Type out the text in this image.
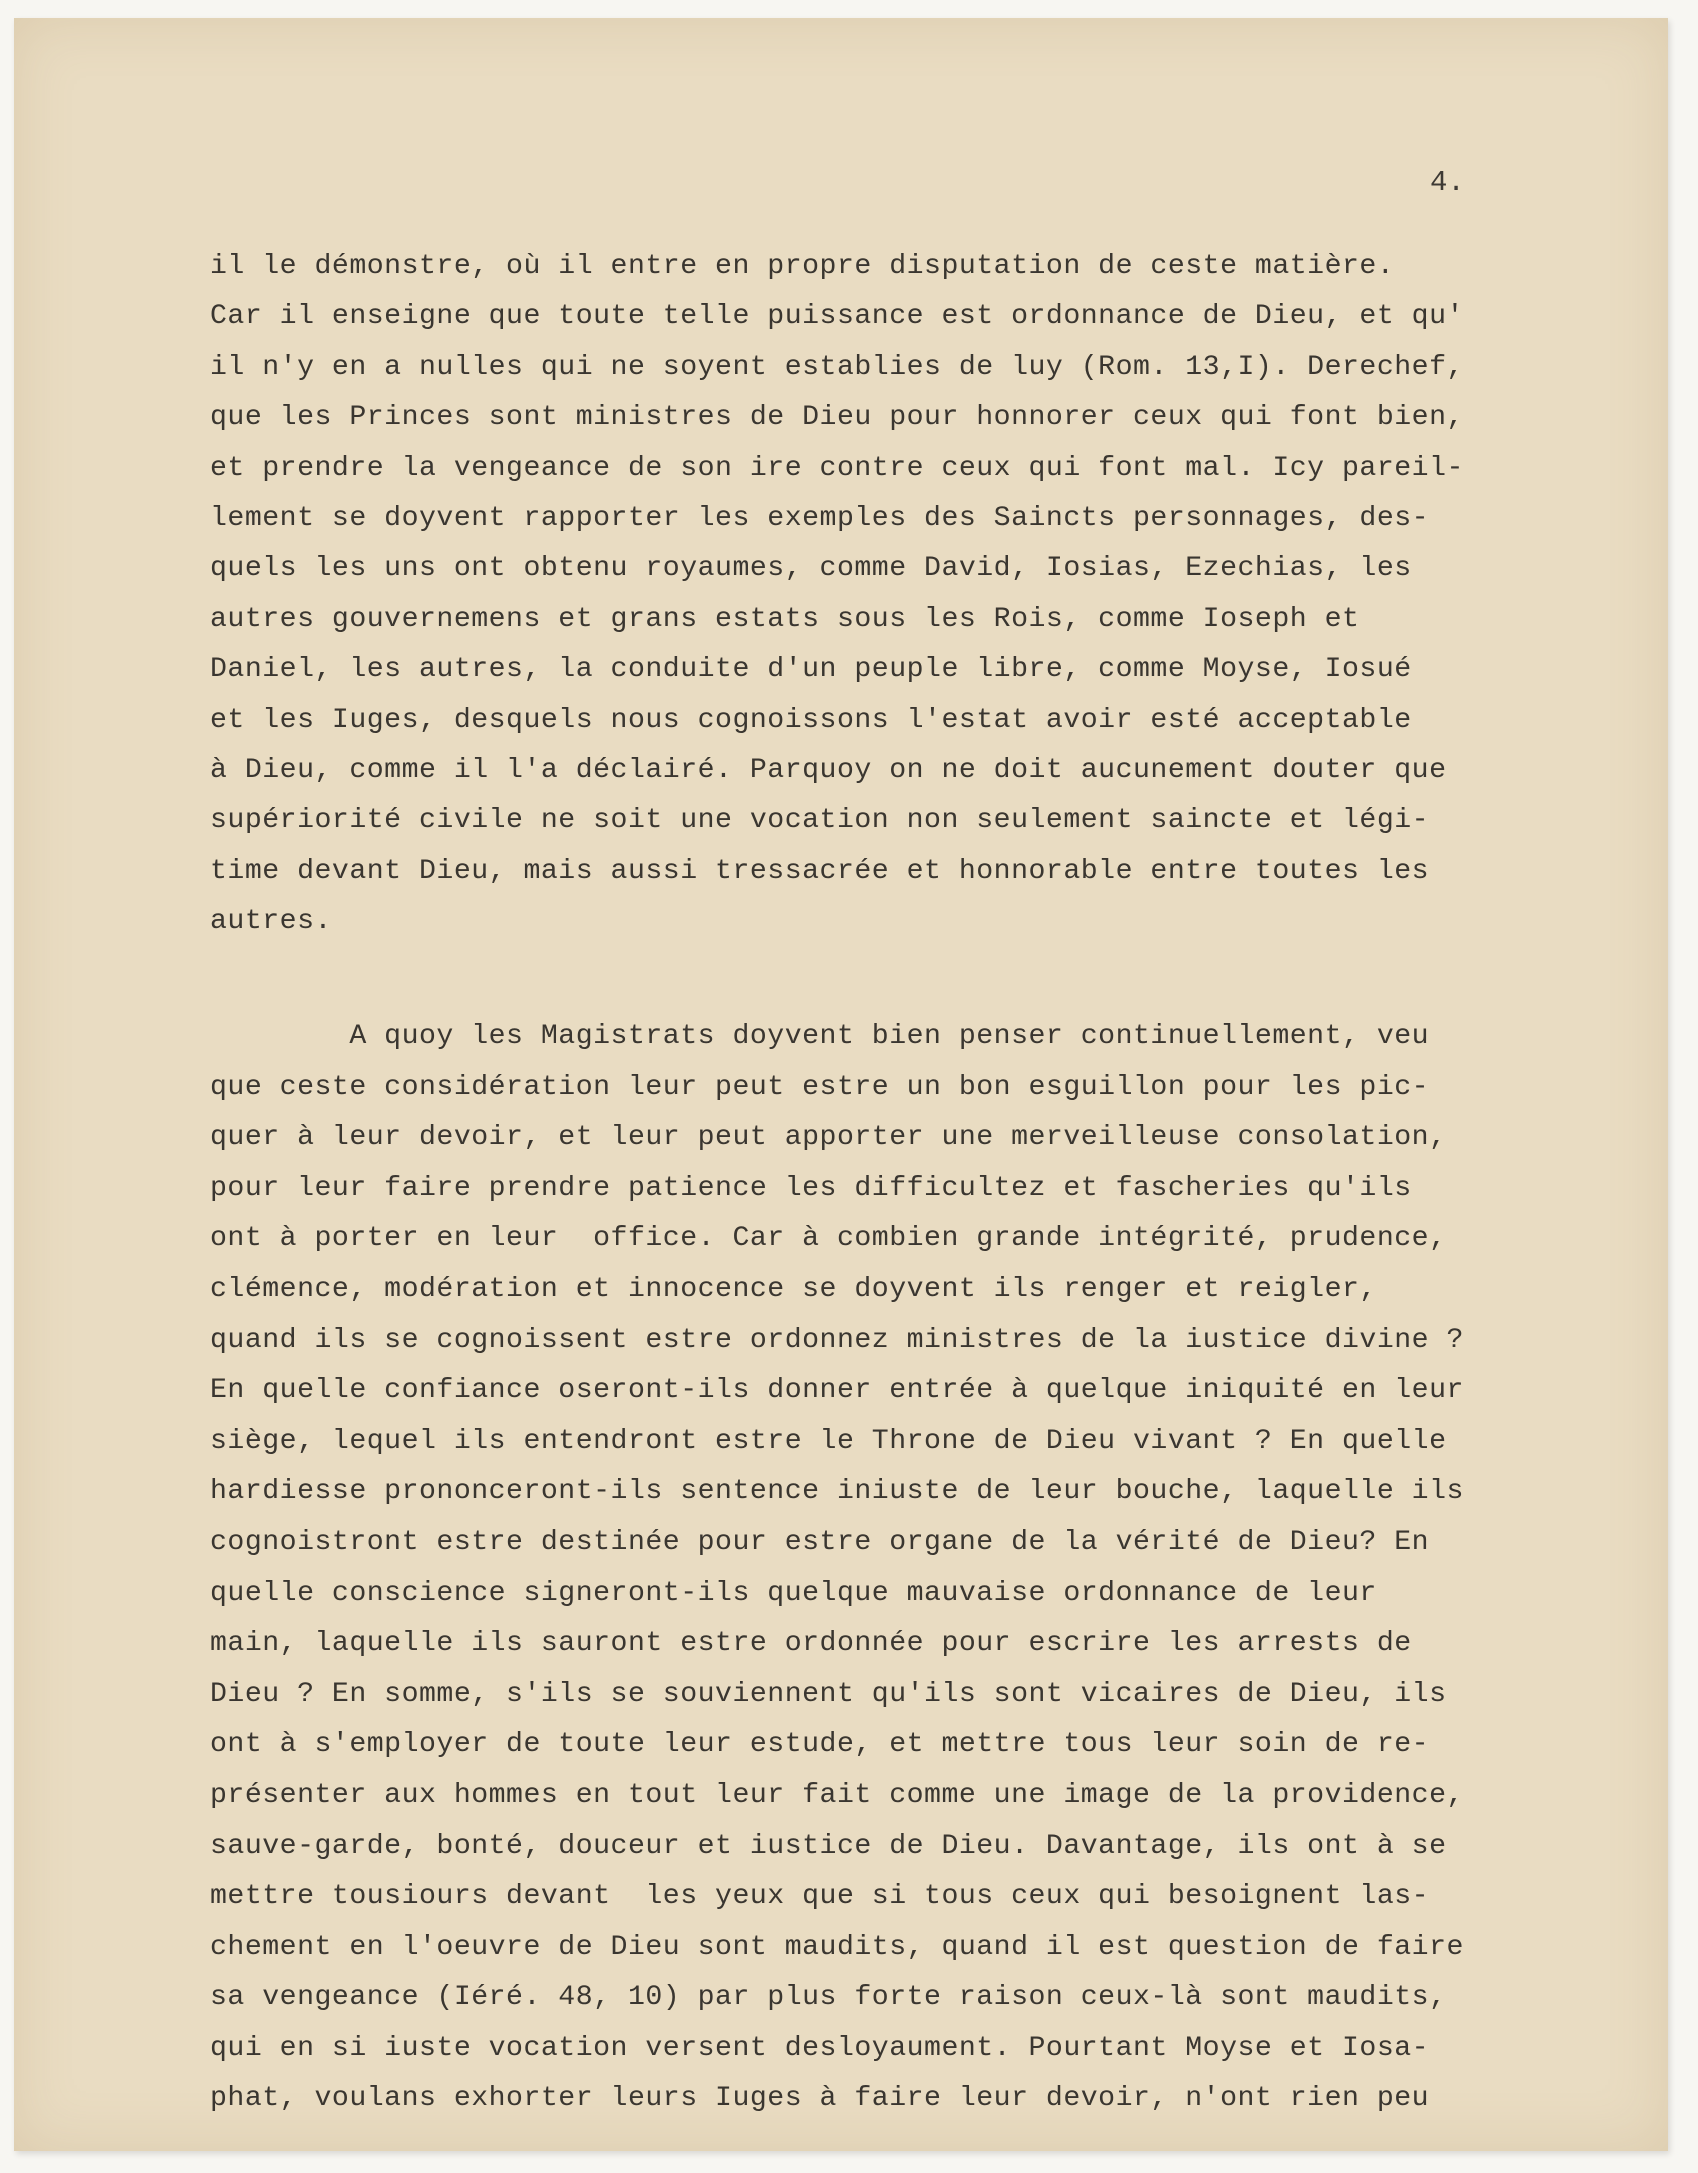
4.
il le démonstre, où il entre en propre disputation de ceste matière.
Car il enseigne que toute telle puissance est ordonnance de Dieu, et qu'
il n'y en a nulles qui ne soyent establies de luy (Rom. 13,I). Derechef,
que les Princes sont ministres de Dieu pour honnorer ceux qui font bien,
et prendre la vengeance de son ire contre ceux qui font mal. Icy pareil-
lement se doyvent rapporter les exemples des Saincts personnages, des-
quels les uns ont obtenu royaumes, comme David, Iosias, Ezechias, les
autres gouvernemens et grans estats sous les Rois, comme Ioseph et
Daniel, les autres, la conduite d'un peuple libre, comme Moyse, Iosué
et les Iuges, desquels nous cognoissons l'estat avoir esté acceptable
à Dieu, comme il l'a déclairé. Parquoy on ne doit aucunement douter que
supériorité civile ne soit une vocation non seulement saincte et légi-
time devant Dieu, mais aussi tressacrée et honnorable entre toutes les
autres.
A quoy les Magistrats doyvent bien penser continuellement, veu
que ceste considération leur peut estre un bon esguillon pour les pic-
quer à leur devoir, et leur peut apporter une merveilleuse consolation,
pour leur faire prendre patience les difficultez et fascheries qu'ils
ont à porter en leur  office. Car à combien grande intégrité, prudence,
clémence, modération et innocence se doyvent ils renger et reigler,
quand ils se cognoissent estre ordonnez ministres de la iustice divine ?
En quelle confiance oseront-ils donner entrée à quelque iniquité en leur
siège, lequel ils entendront estre le Throne de Dieu vivant ? En quelle
hardiesse prononceront-ils sentence iniuste de leur bouche, laquelle ils
cognoistront estre destinée pour estre organe de la vérité de Dieu? En
quelle conscience signeront-ils quelque mauvaise ordonnance de leur
main, laquelle ils sauront estre ordonnée pour escrire les arrests de
Dieu ? En somme, s'ils se souviennent qu'ils sont vicaires de Dieu, ils
ont à s'employer de toute leur estude, et mettre tous leur soin de re-
présenter aux hommes en tout leur fait comme une image de la providence,
sauve-garde, bonté, douceur et iustice de Dieu. Davantage, ils ont à se
mettre tousiours devant  les yeux que si tous ceux qui besoignent las-
chement en l'oeuvre de Dieu sont maudits, quand il est question de faire
sa vengeance (Iéré. 48, 10) par plus forte raison ceux-là sont maudits,
qui en si iuste vocation versent desloyaument. Pourtant Moyse et Iosa-
phat, voulans exhorter leurs Iuges à faire leur devoir, n'ont rien peu
